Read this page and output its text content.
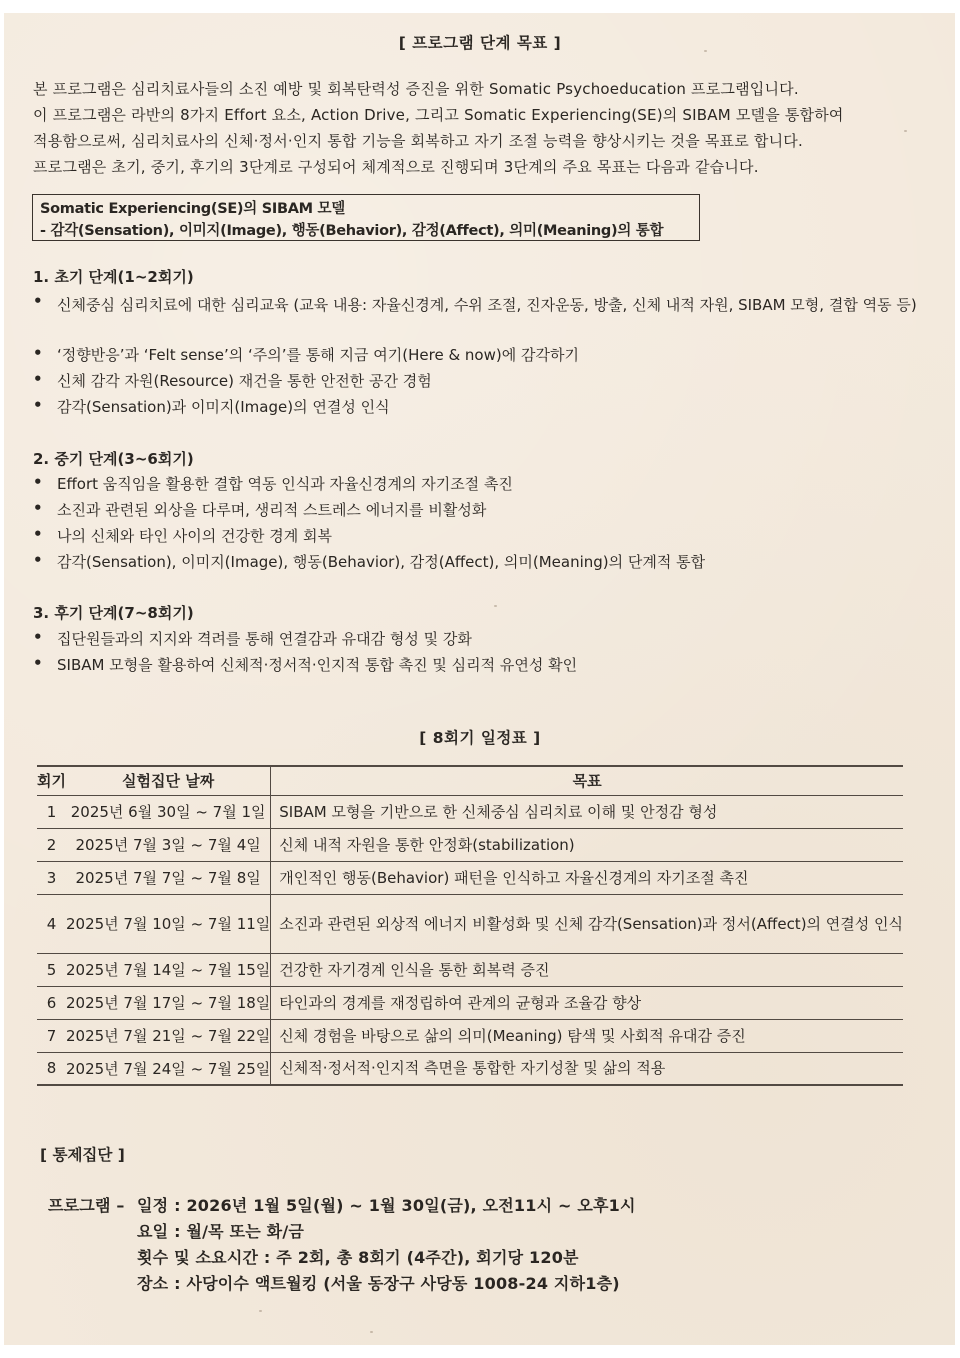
[ 프로그램 단계 목표 ]
본 프로그램은 심리치료사들의 소진 예방 및 회복탄력성 증진을 위한 Somatic Psychoeducation 프로그램입니다.
이 프로그램은 라반의 8가지 Effort 요소, Action Drive, 그리고 Somatic Experiencing(SE)의 SIBAM 모델을 통합하여
적용함으로써, 심리치료사의 신체·정서·인지 통합 기능을 회복하고 자기 조절 능력을 향상시키는 것을 목표로 합니다.
프로그램은 초기, 중기, 후기의 3단계로 구성되어 체계적으로 진행되며 3단계의 주요 목표는 다음과 같습니다.
Somatic Experiencing(SE)의 SIBAM 모델
- 감각(Sensation), 이미지(Image), 행동(Behavior), 감정(Affect), 의미(Meaning)의 통합
1. 초기 단계(1~2회기)
• 신체중심 심리치료에 대한 심리교육 (교육 내용: 자율신경계, 수위 조절, 진자운동, 방출, 신체 내적 자원, SIBAM 모형, 결합 역동 등)
• ‘정향반응’과 ‘Felt sense’의 ‘주의’를 통해 지금 여기(Here & now)에 감각하기
• 신체 감각 자원(Resource) 재건을 통한 안전한 공간 경험
• 감각(Sensation)과 이미지(Image)의 연결성 인식
2. 중기 단계(3~6회기)
• Effort 움직임을 활용한 결합 역동 인식과 자율신경계의 자기조절 촉진
• 소진과 관련된 외상을 다루며, 생리적 스트레스 에너지를 비활성화
• 나의 신체와 타인 사이의 건강한 경계 회복
• 감각(Sensation), 이미지(Image), 행동(Behavior), 감정(Affect), 의미(Meaning)의 단계적 통합
3. 후기 단계(7~8회기)
• 집단원들과의 지지와 격려를 통해 연결감과 유대감 형성 및 강화
• SIBAM 모형을 활용하여 신체적·정서적·인지적 통합 촉진 및 심리적 유연성 확인
[ 8회기 일정표 ]
회기	실험집단 날짜	목표
1	2025년 6월 30일 ~ 7월 1일	SIBAM 모형을 기반으로 한 신체중심 심리치료 이해 및 안정감 형성
2	2025년 7월 3일 ~ 7월 4일	신체 내적 자원을 통한 안정화(stabilization)
3	2025년 7월 7일 ~ 7월 8일	개인적인 행동(Behavior) 패턴을 인식하고 자율신경계의 자기조절 촉진
4	2025년 7월 10일 ~ 7월 11일	소진과 관련된 외상적 에너지 비활성화 및 신체 감각(Sensation)과 정서(Affect)의 연결성 인식
5	2025년 7월 14일 ~ 7월 15일	건강한 자기경계 인식을 통한 회복력 증진
6	2025년 7월 17일 ~ 7월 18일	타인과의 경계를 재정립하여 관계의 균형과 조율감 향상
7	2025년 7월 21일 ~ 7월 22일	신체 경험을 바탕으로 삶의 의미(Meaning) 탐색 및 사회적 유대감 증진
8	2025년 7월 24일 ~ 7월 25일	신체적·정서적·인지적 측면을 통합한 자기성찰 및 삶의 적용
[ 통제집단 ]
프로그램 – 일정 : 2026년 1월 5일(월) ~ 1월 30일(금), 오전11시 ~ 오후1시
요일 : 월/목 또는 화/금
횟수 및 소요시간 : 주 2회, 총 8회기 (4주간), 회기당 120분
장소 : 사당이수 액트월킹 (서울 동장구 사당동 1008-24 지하1층)
